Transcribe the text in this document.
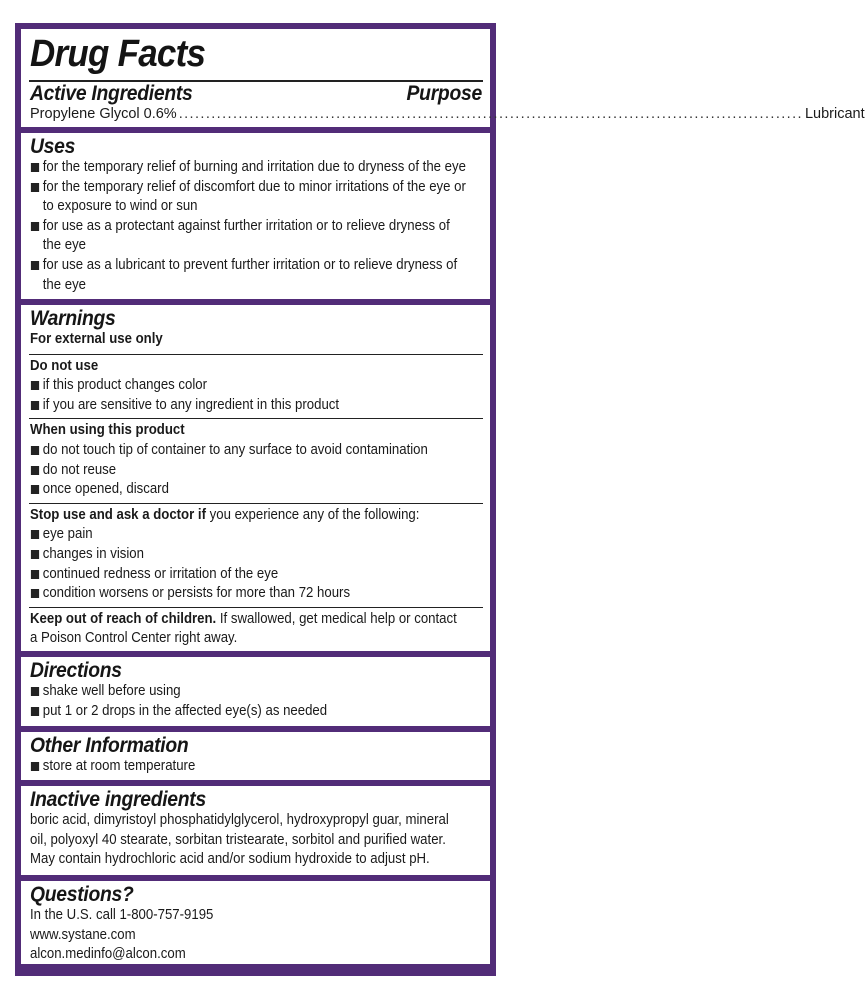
Drug Facts
Active Ingredients	Purpose
Propylene Glycol 0.6% ................................................................................................................... Lubricant
Uses
for the temporary relief of burning and irritation due to dryness of the eye
for the temporary relief of discomfort due to minor irritations of the eye or
to exposure to wind or sun
for use as a protectant against further irritation or to relieve dryness of
the eye
for use as a lubricant to prevent further irritation or to relieve dryness of
the eye
Warnings
For external use only
Do not use
if this product changes color
if you are sensitive to any ingredient in this product
When using this product
do not touch tip of container to any surface to avoid contamination
do not reuse
once opened, discard
Stop use and ask a doctor if you experience any of the following:
eye pain
changes in vision
continued redness or irritation of the eye
condition worsens or persists for more than 72 hours
Keep out of reach of children. If swallowed, get medical help or contact
a Poison Control Center right away.
Directions
shake well before using
put 1 or 2 drops in the affected eye(s) as needed
Other Information
store at room temperature
Inactive ingredients
boric acid, dimyristoyl phosphatidylglycerol, hydroxypropyl guar, mineral
oil, polyoxyl 40 stearate, sorbitan tristearate, sorbitol and purified water.
May contain hydrochloric acid and/or sodium hydroxide to adjust pH.
Questions?
In the U.S. call 1-800-757-9195
www.systane.com
alcon.medinfo@alcon.com
